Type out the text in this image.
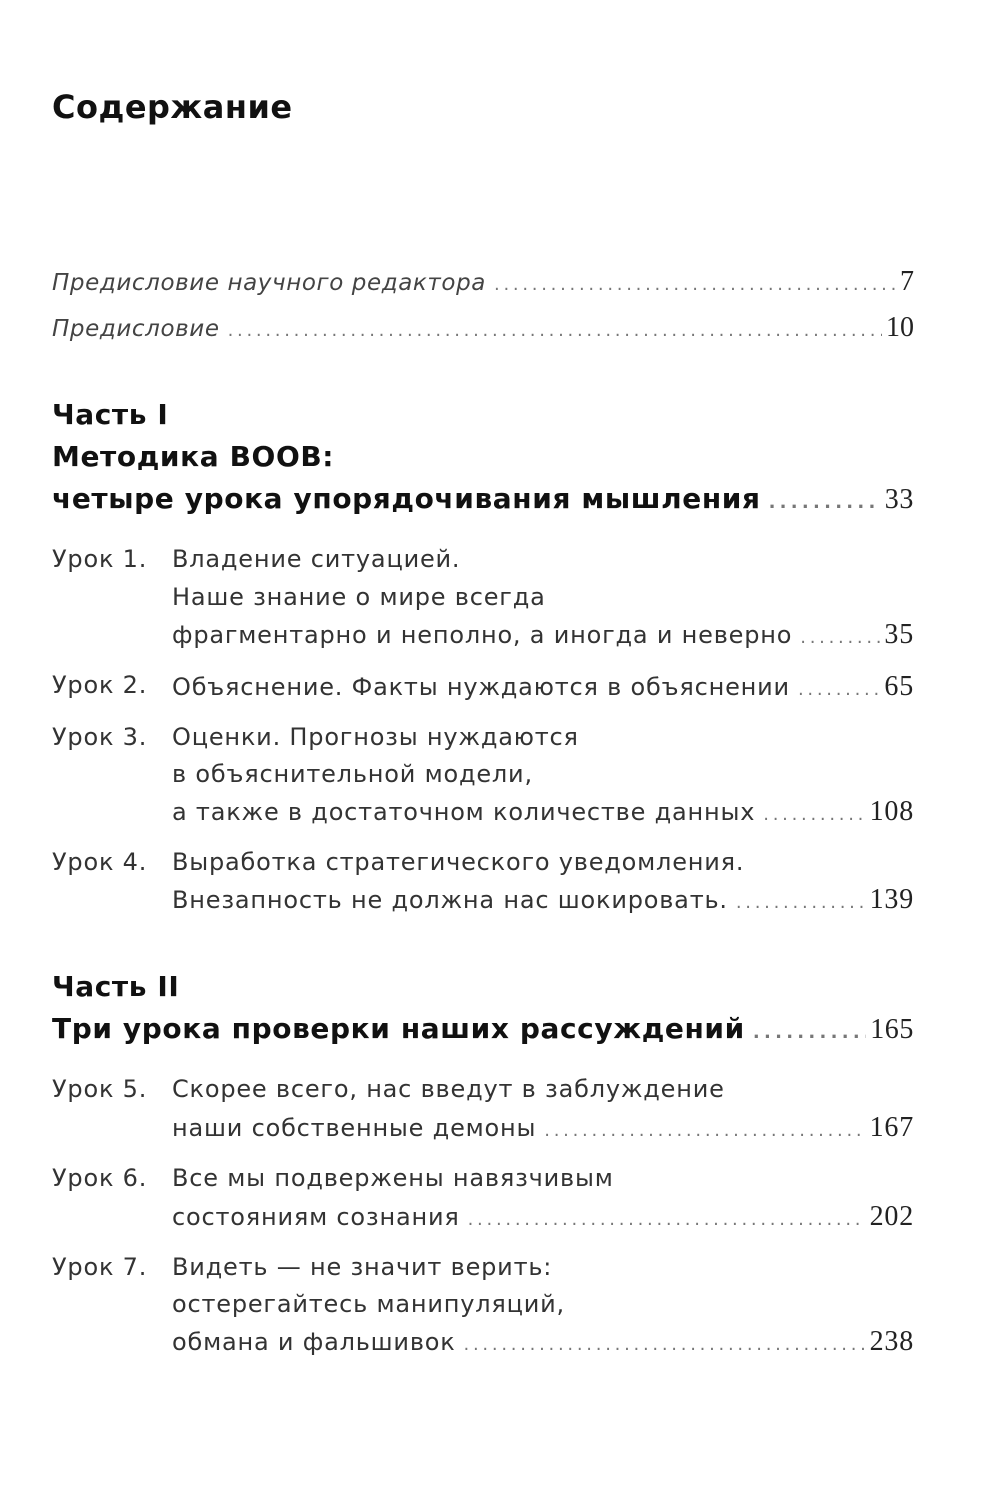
Содержание
Предисловие научного редактора . . .	7
Предисловие . . .	10
Часть I
Методика ВООВ:
четыре урока упорядочивания мышления . . .	33
Урок 1. Владение ситуацией.
Наше знание о мире всегда
фрагментарно и неполно, а иногда и неверно . . .	35
Урок 2. Объяснение. Факты нуждаются в объяснении . . .	65
Урок 3. Оценки. Прогнозы нуждаются
в объяснительной модели,
а также в достаточном количестве данных . . .	108
Урок 4. Выработка стратегического уведомления.
Внезапность не должна нас шокировать. . . .	139
Часть II
Три урока проверки наших рассуждений . . .	165
Урок 5. Скорее всего, нас введут в заблуждение
наши собственные демоны . . .	167
Урок 6. Все мы подвержены навязчивым
состояниям сознания . . .	202
Урок 7. Видеть — не значит верить:
остерегайтесь манипуляций,
обмана и фальшивок . . .	238
